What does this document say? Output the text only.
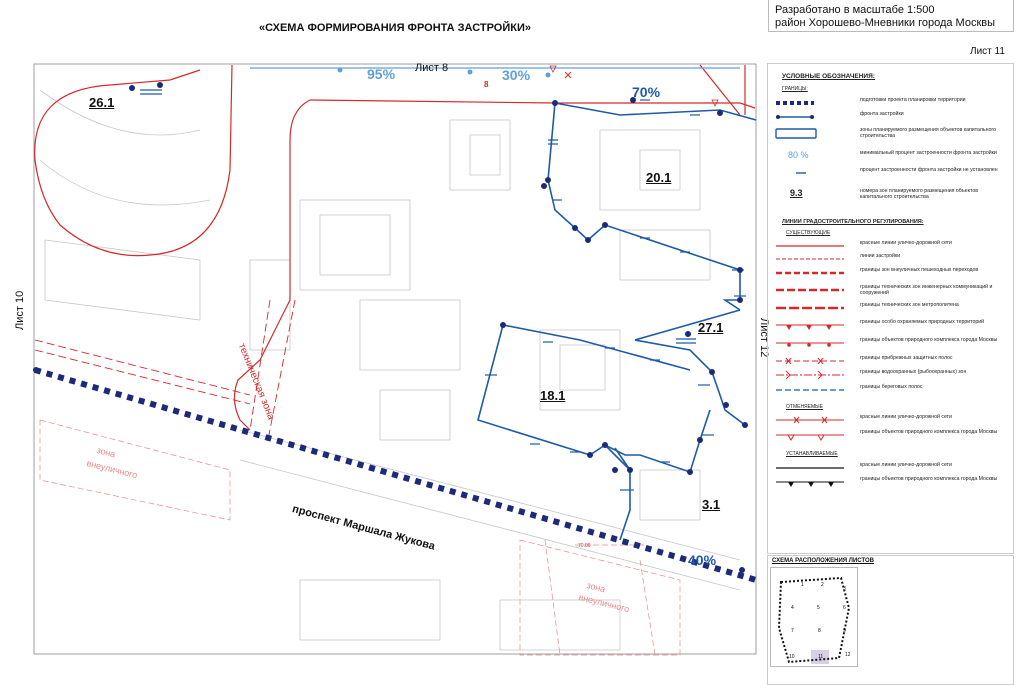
«СХЕМА ФОРМИРОВАНИЯ ФРОНТА ЗАСТРОЙКИ»
Разработано в масштабе 1:500
район Хорошево-Мневники города Москвы
Лист 11
Лист 8
Лист 10
Лист 12
95%	30%
70%
40%
8
70.00
26.1
20.1
27.1
18.1
3.1
проспект Маршала Жукова
техническая зона
зона
внеуличного
зона
внеуличного
УСЛОВНЫЕ ОБОЗНАЧЕНИЯ:
ГРАНИЦЫ:
подготовки проекта планировки территории
фронта застройки
зоны планируемого размещения объектов капитального строительства
80 %	минимальный процент застроенности фронта застройки
процент застроенности фронта застройки не установлен
9.3	номера зон планируемого размещения объектов капитального строительства
ЛИНИИ ГРАДОСТРОИТЕЛЬНОГО РЕГУЛИРОВАНИЯ:
СУЩЕСТВУЮЩИЕ
красные линии улично-дорожной сети
линии застройки
границы зон внеуличных пешеходных переходов
границы технических зон инженерных коммуникаций и сооружений
границы технических зон метрополитена
границы особо охраняемых природных территорий
границы объектов природного комплекса города Москвы
границы прибрежных защитных полос
границы водоохранных (рыбоохранных) зон
границы береговых полос
ОТМЕНЯЕМЫЕ
красные линии улично-дорожной сети
границы объектов природного комплекса города Москвы
УСТАНАВЛИВАЕМЫЕ
красные линии улично-дорожной сети
границы объектов природного комплекса города Москвы
СХЕМА РАСПОЛОЖЕНИЯ ЛИСТОВ
1	2
3
4	5	6
7	8	9
10	11	12
